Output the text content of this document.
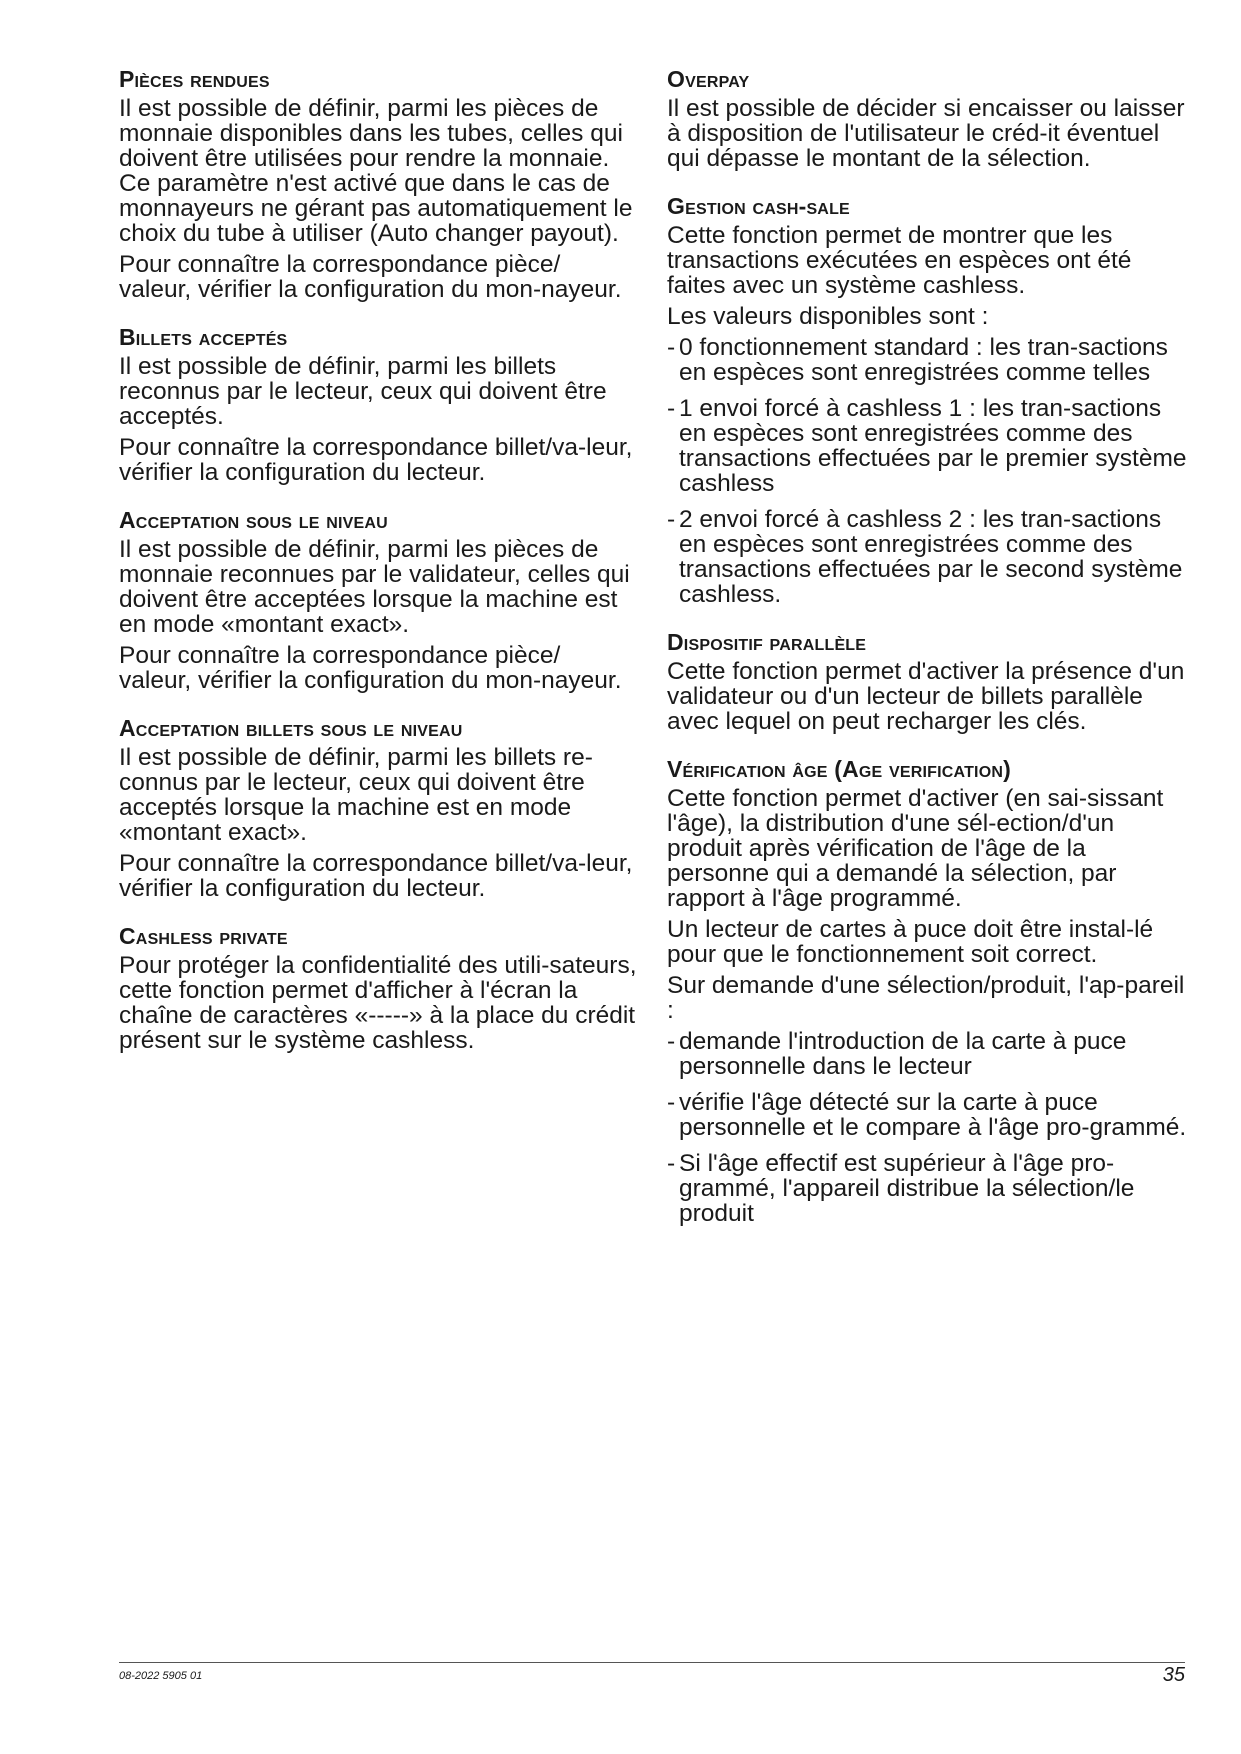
Pièces rendues

Il est possible de définir, parmi les pièces de monnaie disponibles dans les tubes, celles qui doivent être utilisées pour rendre la monnaie. Ce paramètre n'est activé que dans le cas de monnayeurs ne gérant pas automatiquement le choix du tube à utiliser (Auto changer payout).

Pour connaître la correspondance pièce/ valeur, vérifier la configuration du mon-nayeur.

Billets acceptés

Il est possible de définir, parmi les billets reconnus par le lecteur, ceux qui doivent être acceptés.

Pour connaître la correspondance billet/va-leur, vérifier la configuration du lecteur.

Acceptation sous le niveau

Il est possible de définir, parmi les pièces de monnaie reconnues par le validateur, celles qui doivent être acceptées lorsque la machine est en mode «montant exact».

Pour connaître la correspondance pièce/ valeur, vérifier la configuration du mon-nayeur.

Acceptation billets sous le niveau

Il est possible de définir, parmi les billets re-connus par le lecteur, ceux qui doivent être acceptés lorsque la machine est en mode «montant exact».

Pour connaître la correspondance billet/va-leur, vérifier la configuration du lecteur.

Cashless private

Pour protéger la confidentialité des utili-sateurs, cette fonction permet d'afficher à l'écran la chaîne de caractères «-----» à la place du crédit présent sur le système cashless.

Overpay

Il est possible de décider si encaisser ou laisser à disposition de l'utilisateur le créd-it éventuel qui dépasse le montant de la sélection.

Gestion cash-sale

Cette fonction permet de montrer que les transactions exécutées en espèces ont été faites avec un système cashless.

Les valeurs disponibles sont :

- 0 fonctionnement standard : les tran-sactions en espèces sont enregistrées comme telles
- 1 envoi forcé à cashless 1 : les tran-sactions en espèces sont enregistrées comme des transactions effectuées par le premier système cashless
- 2 envoi forcé à cashless 2 : les tran-sactions en espèces sont enregistrées comme des transactions effectuées par le second système cashless.
Dispositif parallèle

Cette fonction permet d'activer la présence d'un validateur ou d'un lecteur de billets parallèle avec lequel on peut recharger les clés.

Vérification âge (Age verification)

Cette fonction permet d'activer (en sai-sissant l'âge), la distribution d'une sél-ection/d'un produit après vérification de l'âge de la personne qui a demandé la sélection, par rapport à l'âge programmé.

Un lecteur de cartes à puce doit être instal-lé pour que le fonctionnement soit correct.

Sur demande d'une sélection/produit, l'ap-pareil :

- demande l'introduction de la carte à puce personnelle dans le lecteur
- vérifie l'âge détecté sur la carte à puce personnelle et le compare à l'âge pro-grammé.
- Si l'âge effectif est supérieur à l'âge pro-grammé, l'appareil distribue la sélection/le produit
08-2022 5905 01	35
